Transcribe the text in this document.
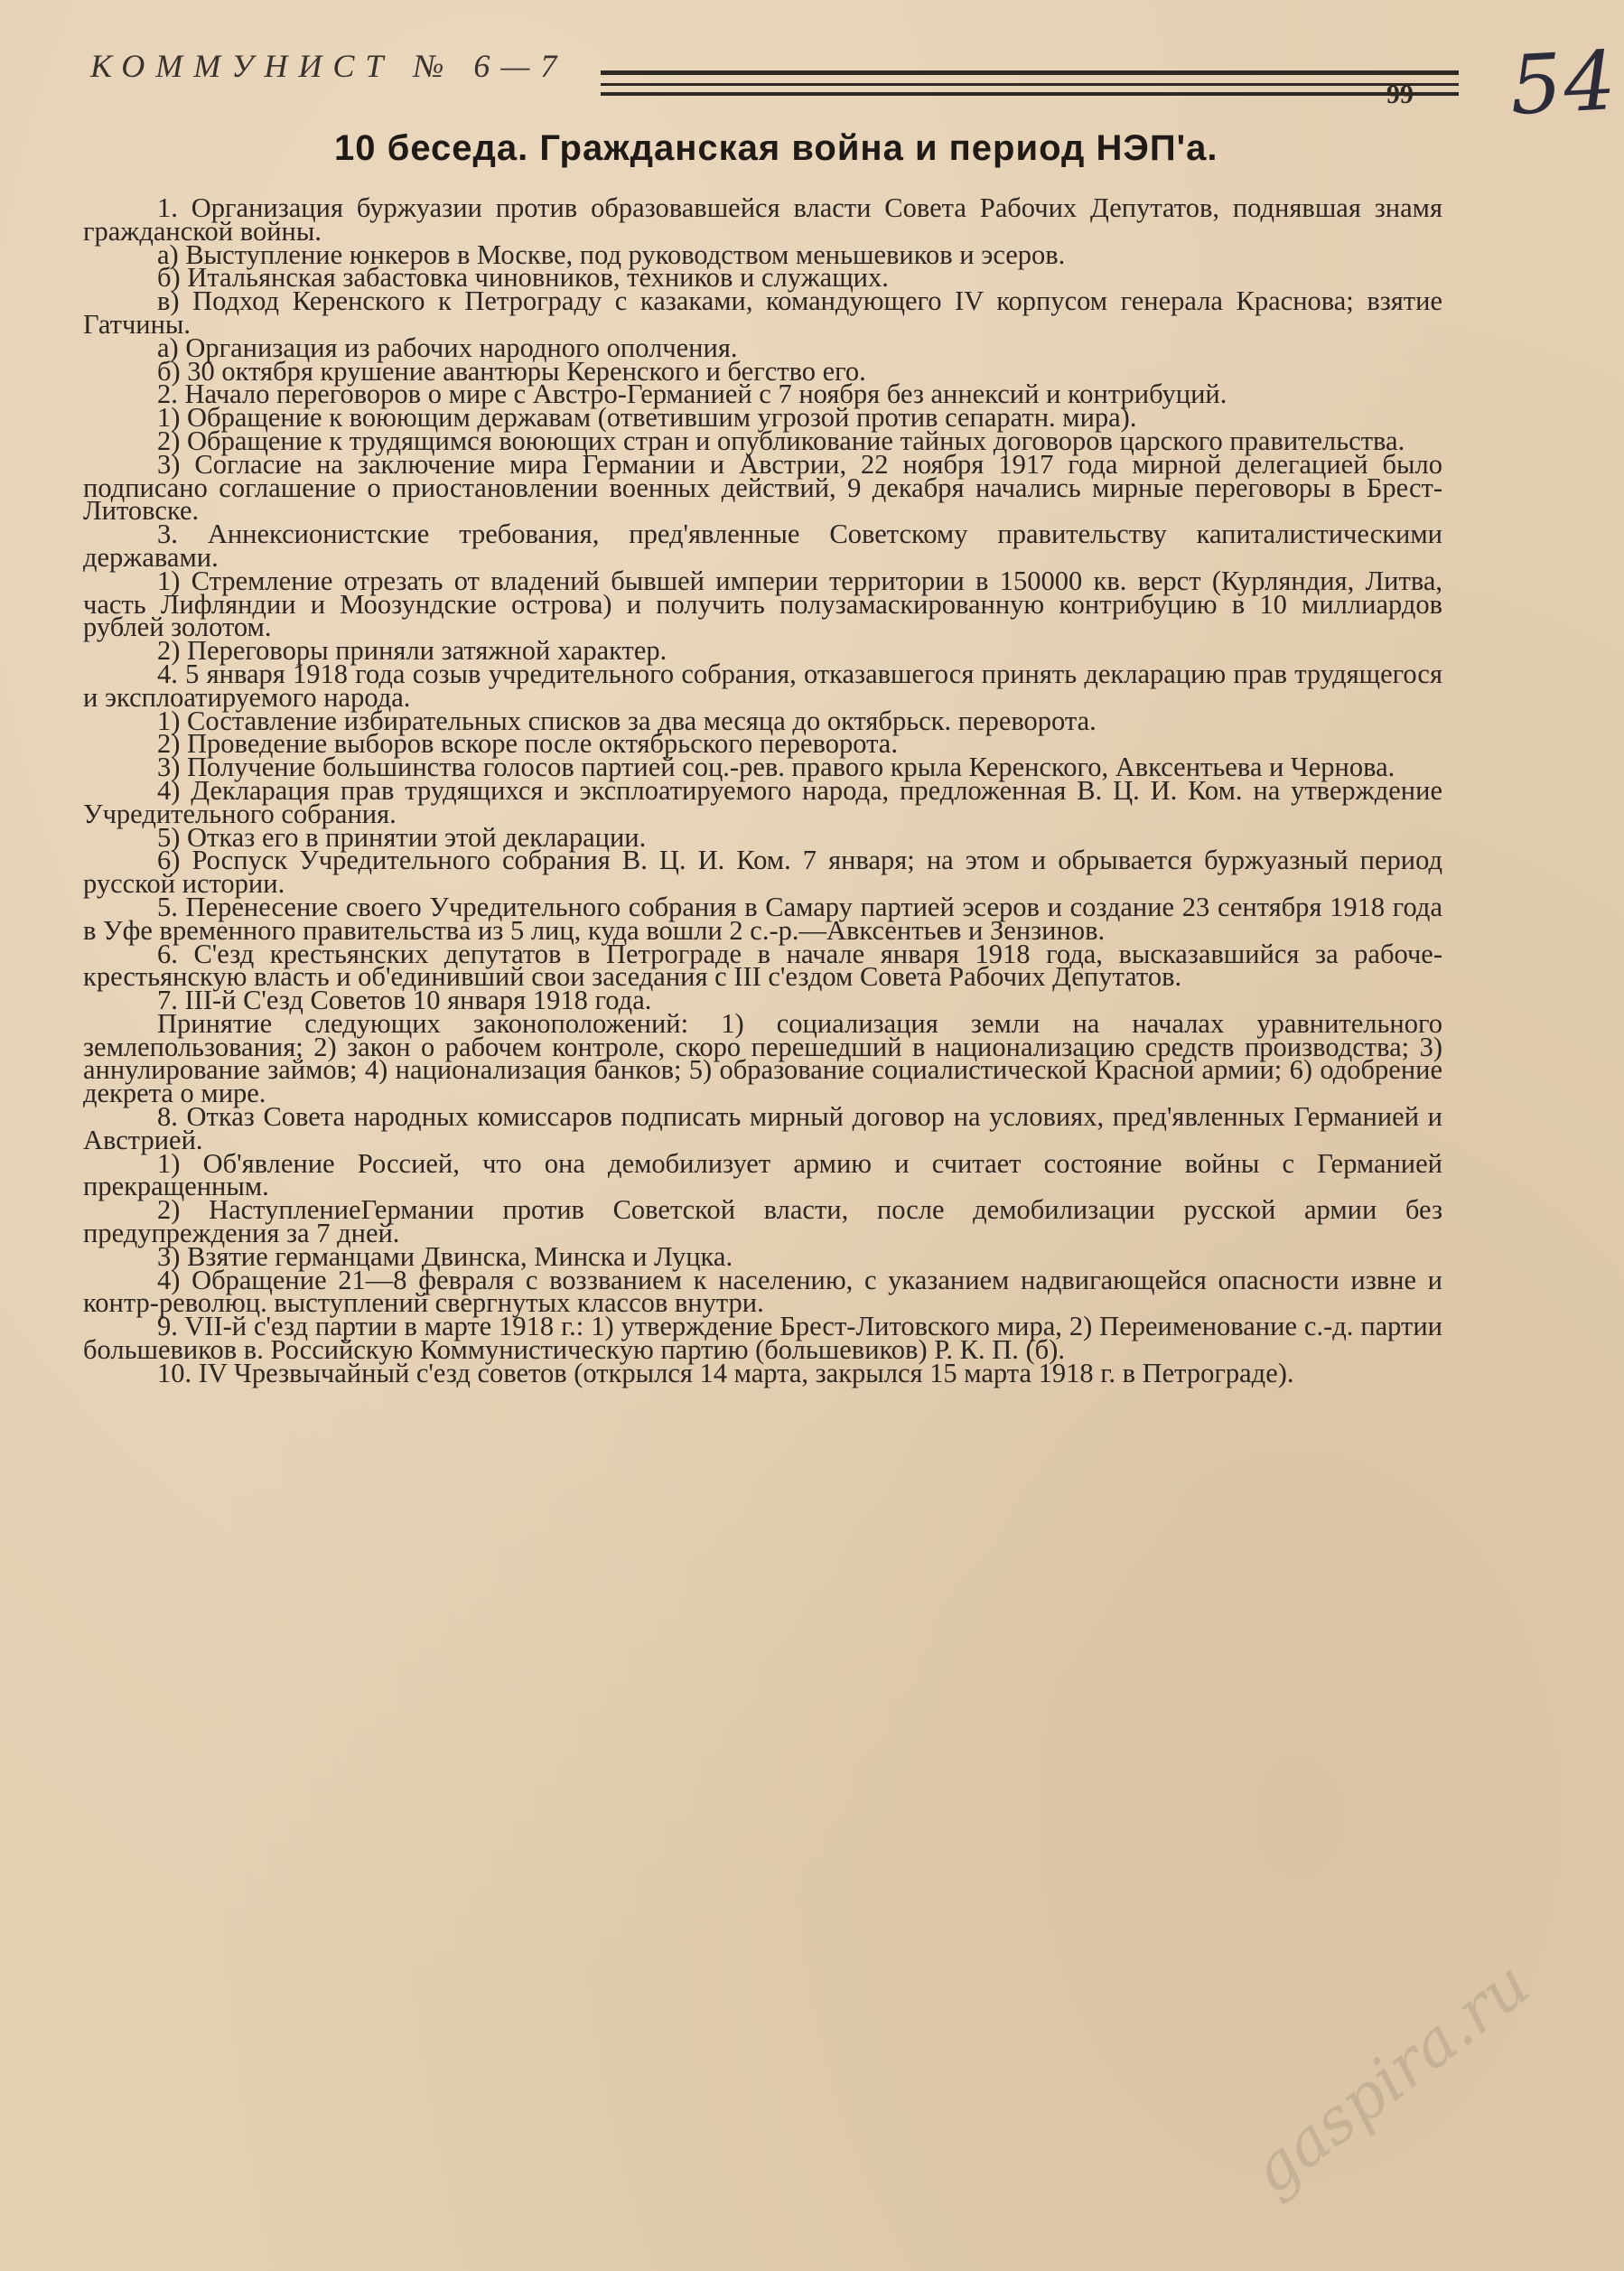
КОММУНИСТ № 6—7
99 54
10 беседа. Гражданская война и период НЭП'а.

1. Организация буржуазии против образовавшейся власти Совета Рабочих Депутатов, поднявшая знамя гражданской войны.

а) Выступление юнкеров в Москве, под руководством меньшевиков и эсеров.

б) Итальянская забастовка чиновников, техников и служащих.

в) Подход Керенского к Петрограду с казаками, командующего IV корпусом генерала Краснова; взятие Гатчины.

а) Организация из рабочих народного ополчения.

б) 30 октября крушение авантюры Керенского и бегство его.

2. Начало переговоров о мире с Австро-Германией с 7 ноября без аннексий и контрибуций.

1) Обращение к воюющим державам (ответившим угрозой против сепаратн. мира).

2) Обращение к трудящимся воюющих стран и опубликование тайных договоров царского правительства.

3) Согласие на заключение мира Германии и Австрии, 22 ноября 1917 года мирной делегацией было подписано соглашение о приостановлении военных действий, 9 декабря начались мирные переговоры в Брест-Литовске.

3. Аннексионистские требования, пред'явленные Советскому правительству капиталистическими державами.

1) Стремление отрезать от владений бывшей империи территории в 150000 кв. верст (Курляндия, Литва, часть Лифляндии и Моозундские острова) и получить полузамаскированную контрибуцию в 10 миллиардов рублей золотом.

2) Переговоры приняли затяжной характер.

4. 5 января 1918 года созыв учредительного собрания, отказавшегося принять декларацию прав трудящегося и эксплоатируемого народа.

1) Составление избирательных списков за два месяца до октябрьск. переворота.

2) Проведение выборов вскоре после октябрьского переворота.

3) Получение большинства голосов партией соц.-рев. правого крыла Керенского, Авксентьева и Чернова.

4) Декларация прав трудящихся и эксплоатируемого народа, предложенная В. Ц. И. Ком. на утверждение Учредительного собрания.

5) Отказ его в принятии этой декларации.

6) Роспуск Учредительного собрания В. Ц. И. Ком. 7 января; на этом и обрывается буржуазный период русской истории.

5. Перенесение своего Учредительного собрания в Самару партией эсеров и создание 23 сентября 1918 года в Уфе временного правительства из 5 лиц, куда вошли 2 с.-р.—Авксентьев и Зензинов.

6. С'езд крестьянских депутатов в Петрограде в начале января 1918 года, высказавшийся за рабоче- крестьянскую власть и об'единивший свои заседания с III с'ездом Совета Рабочих Депутатов.

7. III-й С'езд Советов 10 января 1918 года.

Принятие следующих законоположений: 1) социализация земли на началах уравнительного землепользования; 2) закон о рабочем контроле, скоро перешедший в национализацию средств производства; 3) аннулирование займов; 4) национализация банков; 5) образование социалистической Красной армии; 6) одобрение декрета о мире.

8. Отказ Совета народных комиссаров подписать мирный договор на условиях, пред'явленных Германией и Австрией.

1) Об'явление Россией, что она демобилизует армию и считает состояние войны с Германией прекращенным.

2) НаступлениеГермании против Советской власти, после демобилизации русской армии без предупреждения за 7 дней.

3) Взятие германцами Двинска, Минска и Луцка.

4) Обращение 21—8 февраля с воззванием к населению, с указанием надвигающейся опасности извне и контр-революц. выступлений свергнутых классов внутри.

9. VII-й с'езд партии в марте 1918 г.: 1) утверждение Брест-Литовского мира, 2) Переименование с.-д. партии большевиков в. Российскую Коммунистическую партию (большевиков) Р. К. П. (б).

10. IV Чрезвычайный с'езд советов (открылся 14 марта, закрылся 15 марта 1918 г. в Петрограде).

gaspira.ru
